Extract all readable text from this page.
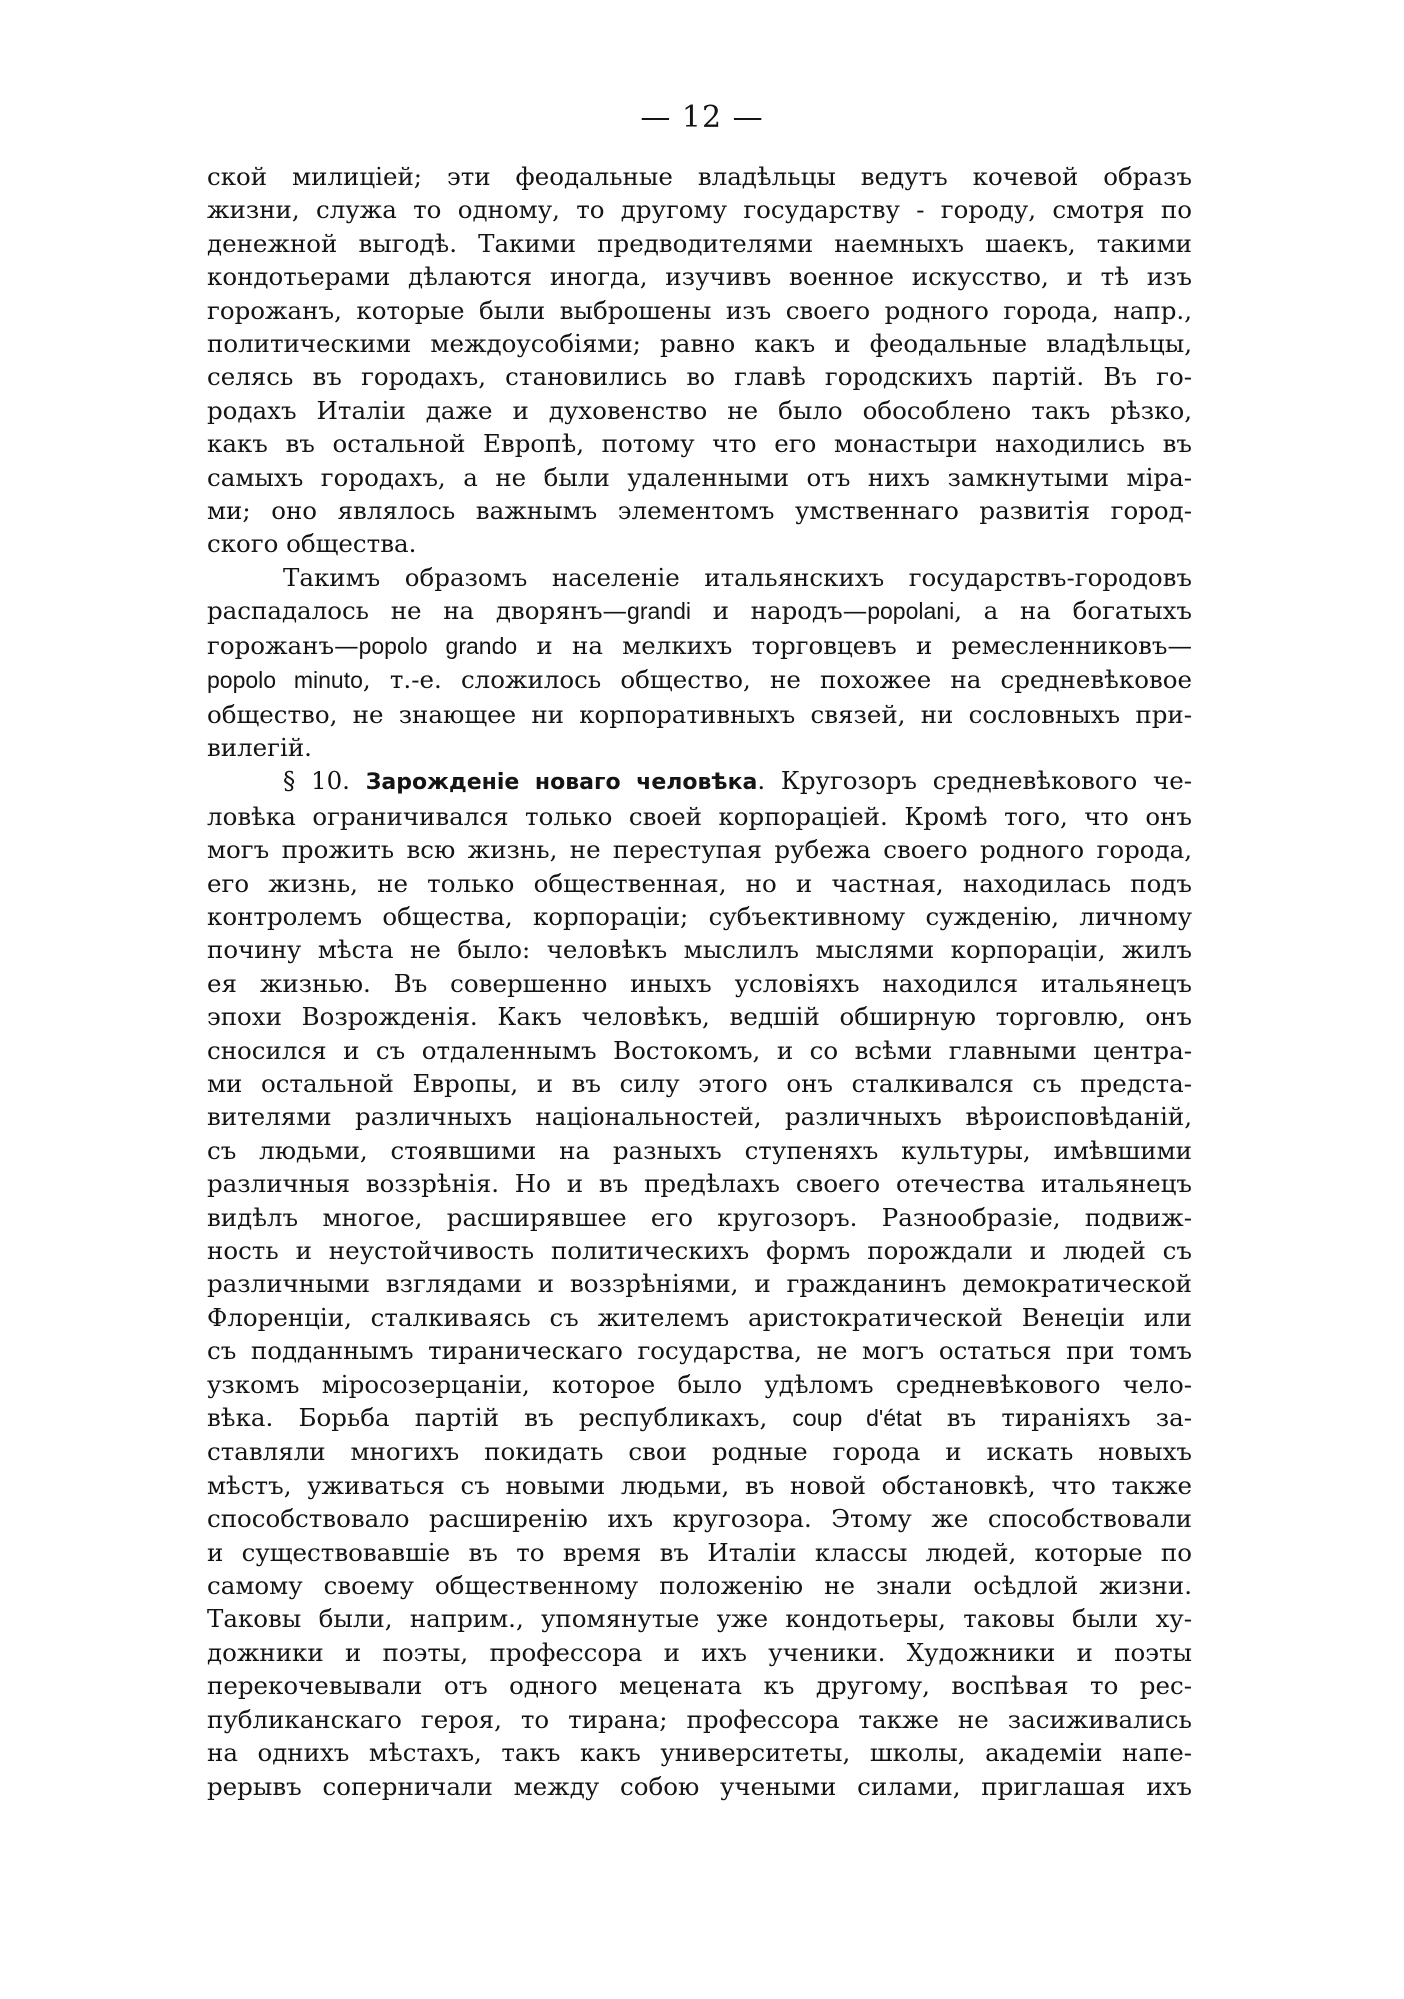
— 12 —

ской милиціей; эти феодальные владѣльцы ведутъ кочевой образъ
жизни, служа то одному, то другому государству - городу, смотря по
денежной выгодѣ. Такими предводителями наемныхъ шаекъ, такими
кондотьерами дѣлаются иногда, изучивъ военное искусство, и тѣ изъ
горожанъ, которые были выброшены изъ своего родного города, напр.,
политическими междоусобіями; равно какъ и феодальные владѣльцы,
селясь въ городахъ, становились во главѣ городскихъ партій. Въ го-
родахъ Италіи даже и духовенство не было обособлено такъ рѣзко,
какъ въ остальной Европѣ, потому что его монастыри находились въ
самыхъ городахъ, а не были удаленными отъ нихъ замкнутыми міра-
ми; оно являлось важнымъ элементомъ умственнаго развитія город-
ского общества.

Такимъ образомъ населеніе итальянскихъ государствъ-городовъ
распадалось не на дворянъ—grandi и народъ—popolani, а на богатыхъ
горожанъ—popolo grando и на мелкихъ торговцевъ и ремесленниковъ—
popolo minuto, т.-е. сложилось общество, не похожее на средневѣковое
общество, не знающее ни корпоративныхъ связей, ни сословныхъ при-
вилегій.

§ 10. Зарожденіе новаго человѣка. Кругозоръ средневѣкового че-
ловѣка ограничивался только своей корпораціей. Кромѣ того, что онъ
могъ прожить всю жизнь, не переступая рубежа своего родного города,
его жизнь, не только общественная, но и частная, находилась подъ
контролемъ общества, корпораціи; субъективному сужденію, личному
почину мѣста не было: человѣкъ мыслилъ мыслями корпораціи, жилъ
ея жизнью. Въ совершенно иныхъ условіяхъ находился итальянецъ
эпохи Возрожденія. Какъ человѣкъ, ведшій обширную торговлю, онъ
сносился и съ отдаленнымъ Востокомъ, и со всѣми главными центра-
ми остальной Европы, и въ силу этого онъ сталкивался съ предста-
вителями различныхъ національностей, различныхъ вѣроисповѣданій,
съ людьми, стоявшими на разныхъ ступеняхъ культуры, имѣвшими
различныя воззрѣнія. Но и въ предѣлахъ своего отечества итальянецъ
видѣлъ многое, расширявшее его кругозоръ. Разнообразіе, подвиж-
ность и неустойчивость политическихъ формъ порождали и людей съ
различными взглядами и воззрѣніями, и гражданинъ демократической
Флоренціи, сталкиваясь съ жителемъ аристократической Венеціи или
съ подданнымъ тираническаго государства, не могъ остаться при томъ
узкомъ міросозерцаніи, которое было удѣломъ средневѣкового чело-
вѣка. Борьба партій въ республикахъ, coup d'état въ тираніяхъ за-
ставляли многихъ покидать свои родные города и искать новыхъ
мѣстъ, уживаться съ новыми людьми, въ новой обстановкѣ, что также
способствовало расширенію ихъ кругозора. Этому же способствовали
и существовавшіе въ то время въ Италіи классы людей, которые по
самому своему общественному положенію не знали осѣдлой жизни.
Таковы были, наприм., упомянутые уже кондотьеры, таковы были ху-
дожники и поэты, профессора и ихъ ученики. Художники и поэты
перекочевывали отъ одного мецената къ другому, воспѣвая то рес-
публиканскаго героя, то тирана; профессора также не засиживались
на однихъ мѣстахъ, такъ какъ университеты, школы, академіи напе-
рерывъ соперничали между собою учеными силами, приглашая ихъ
